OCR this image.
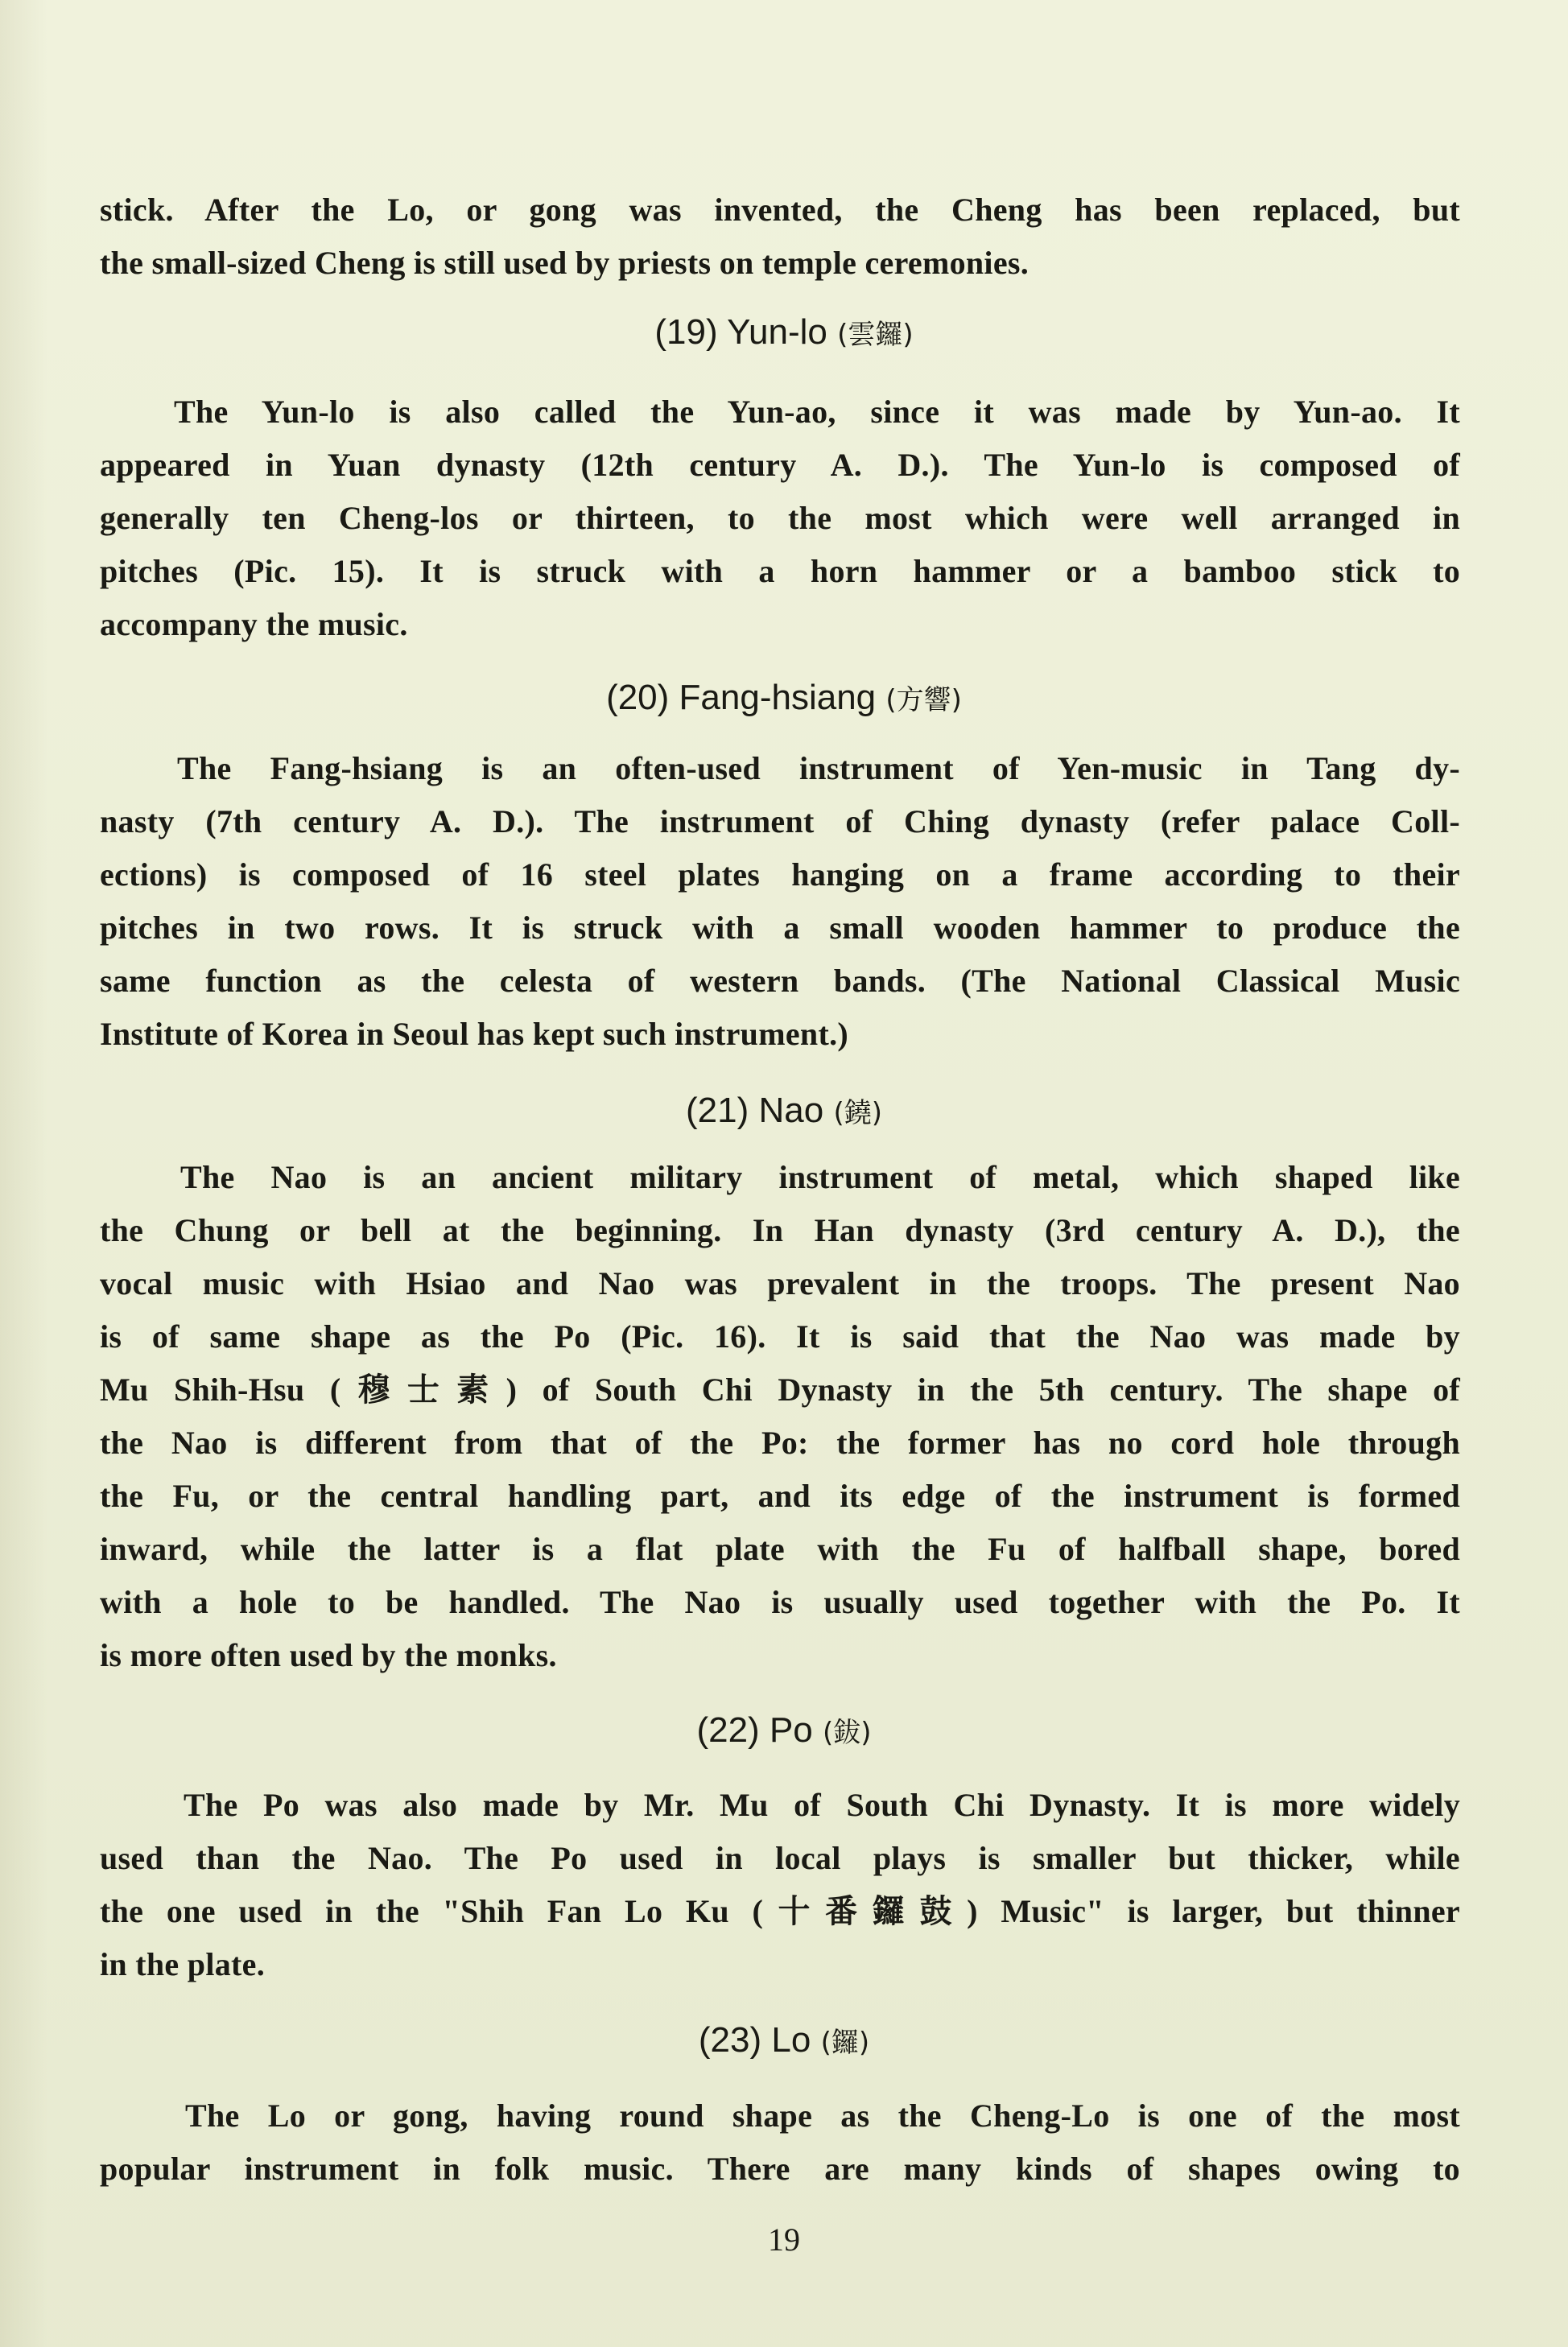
stick. After the Lo, or gong was invented, the Cheng has been replaced, but
the small-sized Cheng is still used by priests on temple ceremonies.
(19) Yun-lo (雲鑼)
The Yun-lo is also called the Yun-ao, since it was made by Yun-ao. It
appeared in Yuan dynasty (12th century A. D.). The Yun-lo is composed of
generally ten Cheng-los or thirteen, to the most which were well arranged in
pitches (Pic. 15). It is struck with a horn hammer or a bamboo stick to
accompany the music.
(20) Fang-hsiang (方響)
The Fang-hsiang is an often-used instrument of Yen-music in Tang dy-
nasty (7th century A. D.). The instrument of Ching dynasty (refer palace Coll-
ections) is composed of 16 steel plates hanging on a frame according to their
pitches in two rows. It is struck with a small wooden hammer to produce the
same function as the celesta of western bands. (The National Classical Music
Institute of Korea in Seoul has kept such instrument.)
(21) Nao (鐃)
The Nao is an ancient military instrument of metal, which shaped like
the Chung or bell at the beginning. In Han dynasty (3rd century A. D.), the
vocal music with Hsiao and Nao was prevalent in the troops. The present Nao
is of same shape as the Po (Pic. 16). It is said that the Nao was made by
Mu Shih-Hsu (穆士素) of South Chi Dynasty in the 5th century. The shape of
the Nao is different from that of the Po: the former has no cord hole through
the Fu, or the central handling part, and its edge of the instrument is formed
inward, while the latter is a flat plate with the Fu of halfball shape, bored
with a hole to be handled. The Nao is usually used together with the Po. It
is more often used by the monks.
(22) Po (鈸)
The Po was also made by Mr. Mu of South Chi Dynasty. It is more widely
used than the Nao. The Po used in local plays is smaller but thicker, while
the one used in the "Shih Fan Lo Ku (十番鑼鼓) Music" is larger, but thinner
in the plate.
(23) Lo (鑼)
The Lo or gong, having round shape as the Cheng-Lo is one of the most
popular instrument in folk music. There are many kinds of shapes owing to
19
